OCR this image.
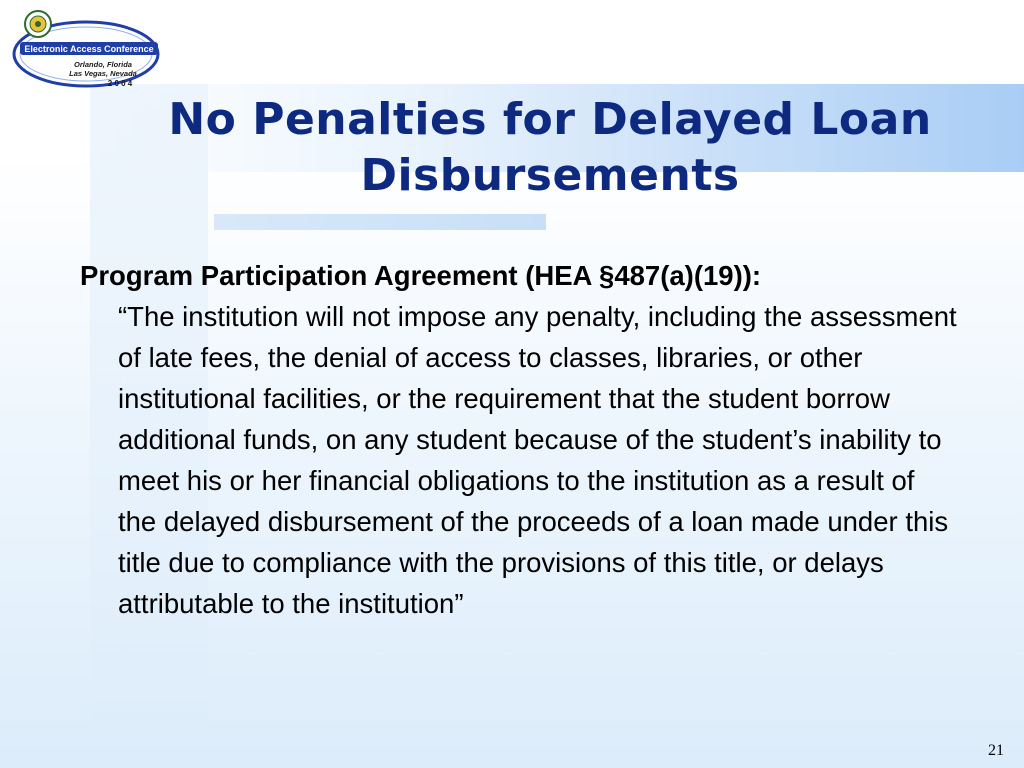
Electronic Access Conference
Orlando, Florida
Las Vegas, Nevada
2 0 0 4
No Penalties for Delayed Loan
Disbursements
Program Participation Agreement (HEA §487(a)(19)):
“The institution will not impose any penalty, including the assessment of late fees, the denial of access to classes, libraries, or other institutional facilities, or the requirement that the student borrow additional funds, on any student because of the student’s inability to meet his or her financial obligations to the institution as a result of the delayed disbursement of the proceeds of a loan made under this title due to compliance with the provisions of this title, or delays attributable to the institution”
21
